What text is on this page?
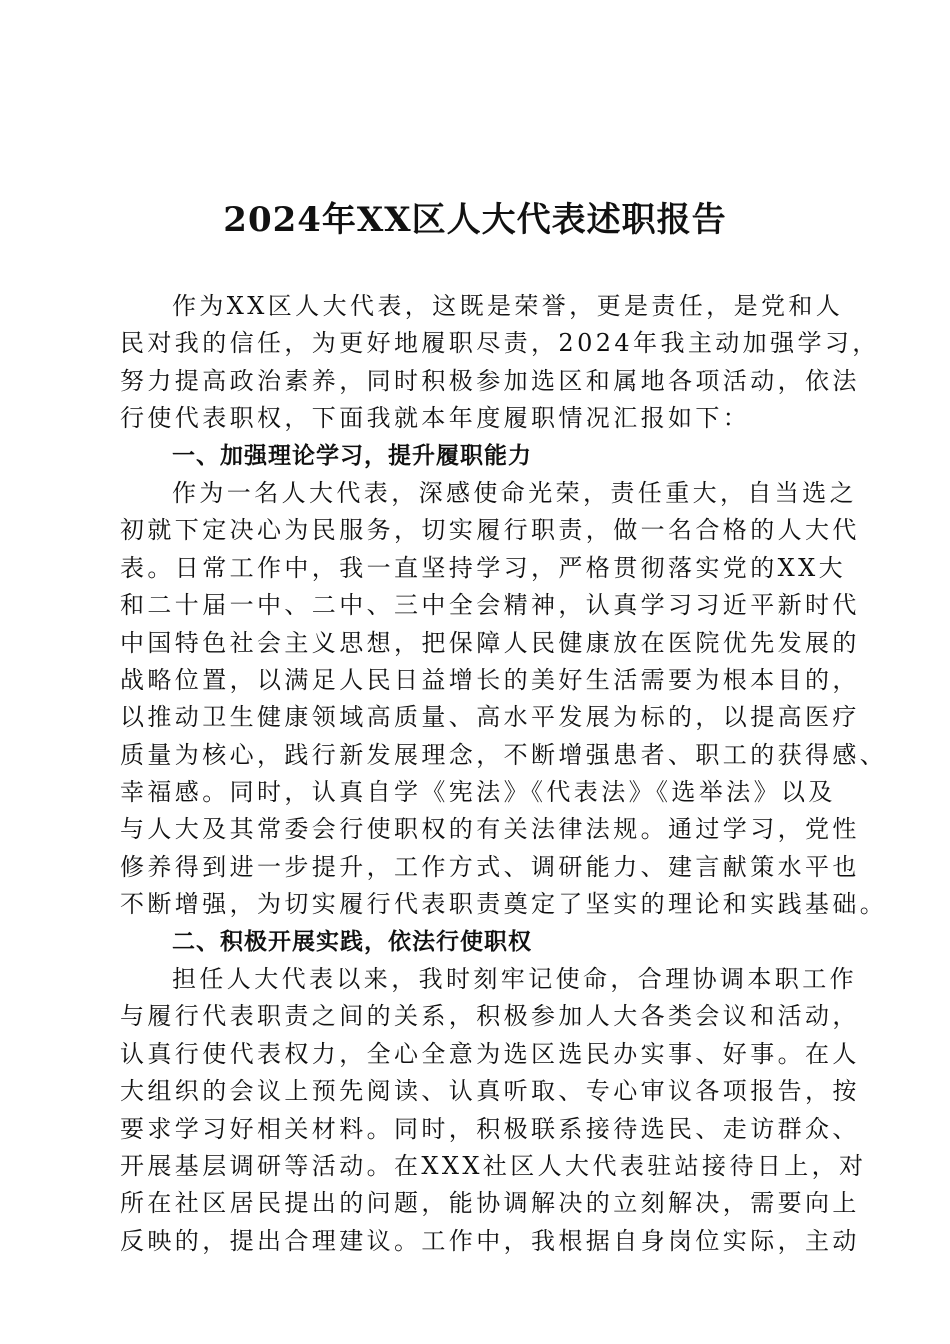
2024年XX区人大代表述职报告
作为XX区人大代表，这既是荣誉，更是责任，是党和人
民对我的信任，为更好地履职尽责，2024年我主动加强学习，
努力提高政治素养，同时积极参加选区和属地各项活动，依法
行使代表职权，下面我就本年度履职情况汇报如下：
一、加强理论学习，提升履职能力
作为一名人大代表，深感使命光荣，责任重大，自当选之
初就下定决心为民服务，切实履行职责，做一名合格的人大代
表。日常工作中，我一直坚持学习，严格贯彻落实党的XX大
和二十届一中、二中、三中全会精神，认真学习习近平新时代
中国特色社会主义思想，把保障人民健康放在医院优先发展的
战略位置，以满足人民日益增长的美好生活需要为根本目的，
以推动卫生健康领域高质量、高水平发展为标的，以提高医疗
质量为核心，践行新发展理念，不断增强患者、职工的获得感、
幸福感。同时，认真自学《宪法》《代表法》《选举法》以及
与人大及其常委会行使职权的有关法律法规。通过学习，党性
修养得到进一步提升，工作方式、调研能力、建言献策水平也
不断增强，为切实履行代表职责奠定了坚实的理论和实践基础。
二、积极开展实践，依法行使职权
担任人大代表以来，我时刻牢记使命，合理协调本职工作
与履行代表职责之间的关系，积极参加人大各类会议和活动，
认真行使代表权力，全心全意为选区选民办实事、好事。在人
大组织的会议上预先阅读、认真听取、专心审议各项报告，按
要求学习好相关材料。同时，积极联系接待选民、走访群众、
开展基层调研等活动。在XXX社区人大代表驻站接待日上，对
所在社区居民提出的问题，能协调解决的立刻解决，需要向上
反映的，提出合理建议。工作中，我根据自身岗位实际，主动
